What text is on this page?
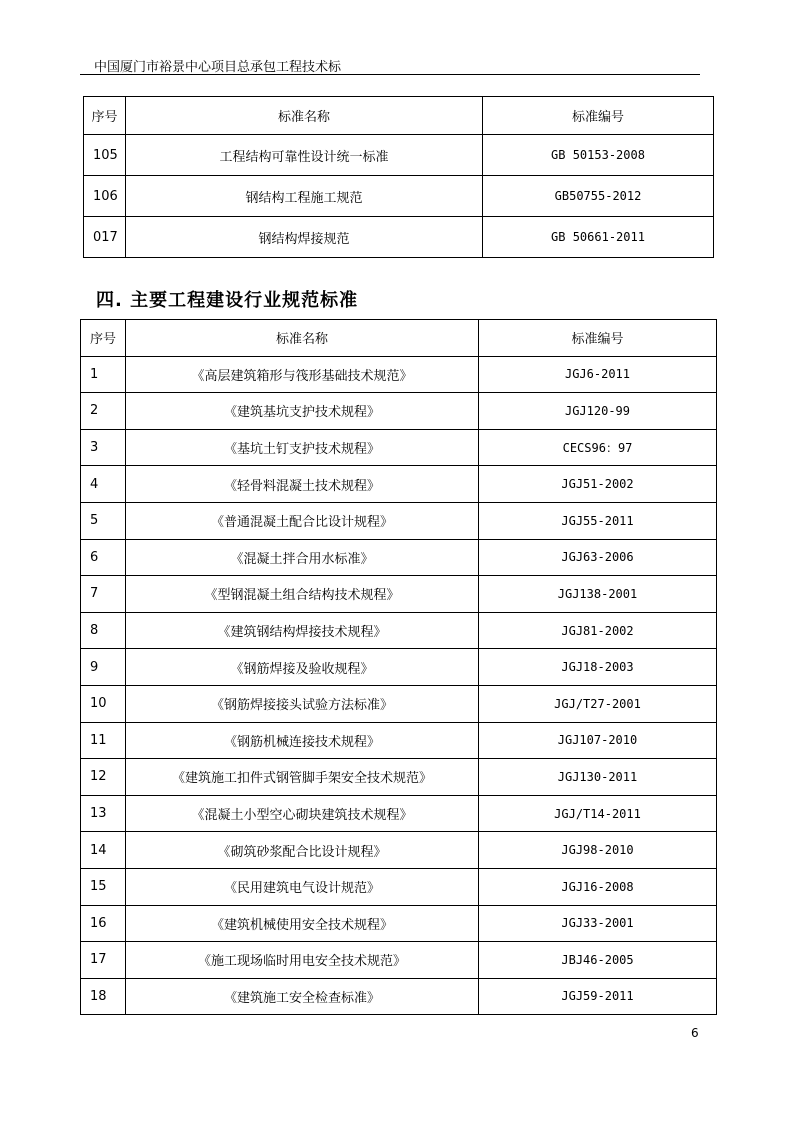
中国厦门市裕景中心项目总承包工程技术标
序号	标准名称	标准编号
105	工程结构可靠性设计统一标准	GB 50153-2008
106	钢结构工程施工规范	GB50755-2012
017	钢结构焊接规范	GB 50661-2011
四. 主要工程建设行业规范标准
序号	标准名称	标准编号
1	《高层建筑箱形与筏形基础技术规范》	JGJ6-2011
2	《建筑基坑支护技术规程》	JGJ120-99
3	《基坑土钉支护技术规程》	CECS96：97
4	《轻骨料混凝土技术规程》	JGJ51-2002
5	《普通混凝土配合比设计规程》	JGJ55-2011
6	《混凝土拌合用水标准》	JGJ63-2006
7	《型钢混凝土组合结构技术规程》	JGJ138-2001
8	《建筑钢结构焊接技术规程》	JGJ81-2002
9	《钢筋焊接及验收规程》	JGJ18-2003
10	《钢筋焊接接头试验方法标准》	JGJ/T27-2001
11	《钢筋机械连接技术规程》	JGJ107-2010
12	《建筑施工扣件式钢管脚手架安全技术规范》	JGJ130-2011
13	《混凝土小型空心砌块建筑技术规程》	JGJ/T14-2011
14	《砌筑砂浆配合比设计规程》	JGJ98-2010
15	《民用建筑电气设计规范》	JGJ16-2008
16	《建筑机械使用安全技术规程》	JGJ33-2001
17	《施工现场临时用电安全技术规范》	JBJ46-2005
18	《建筑施工安全检查标准》	JGJ59-2011
6
